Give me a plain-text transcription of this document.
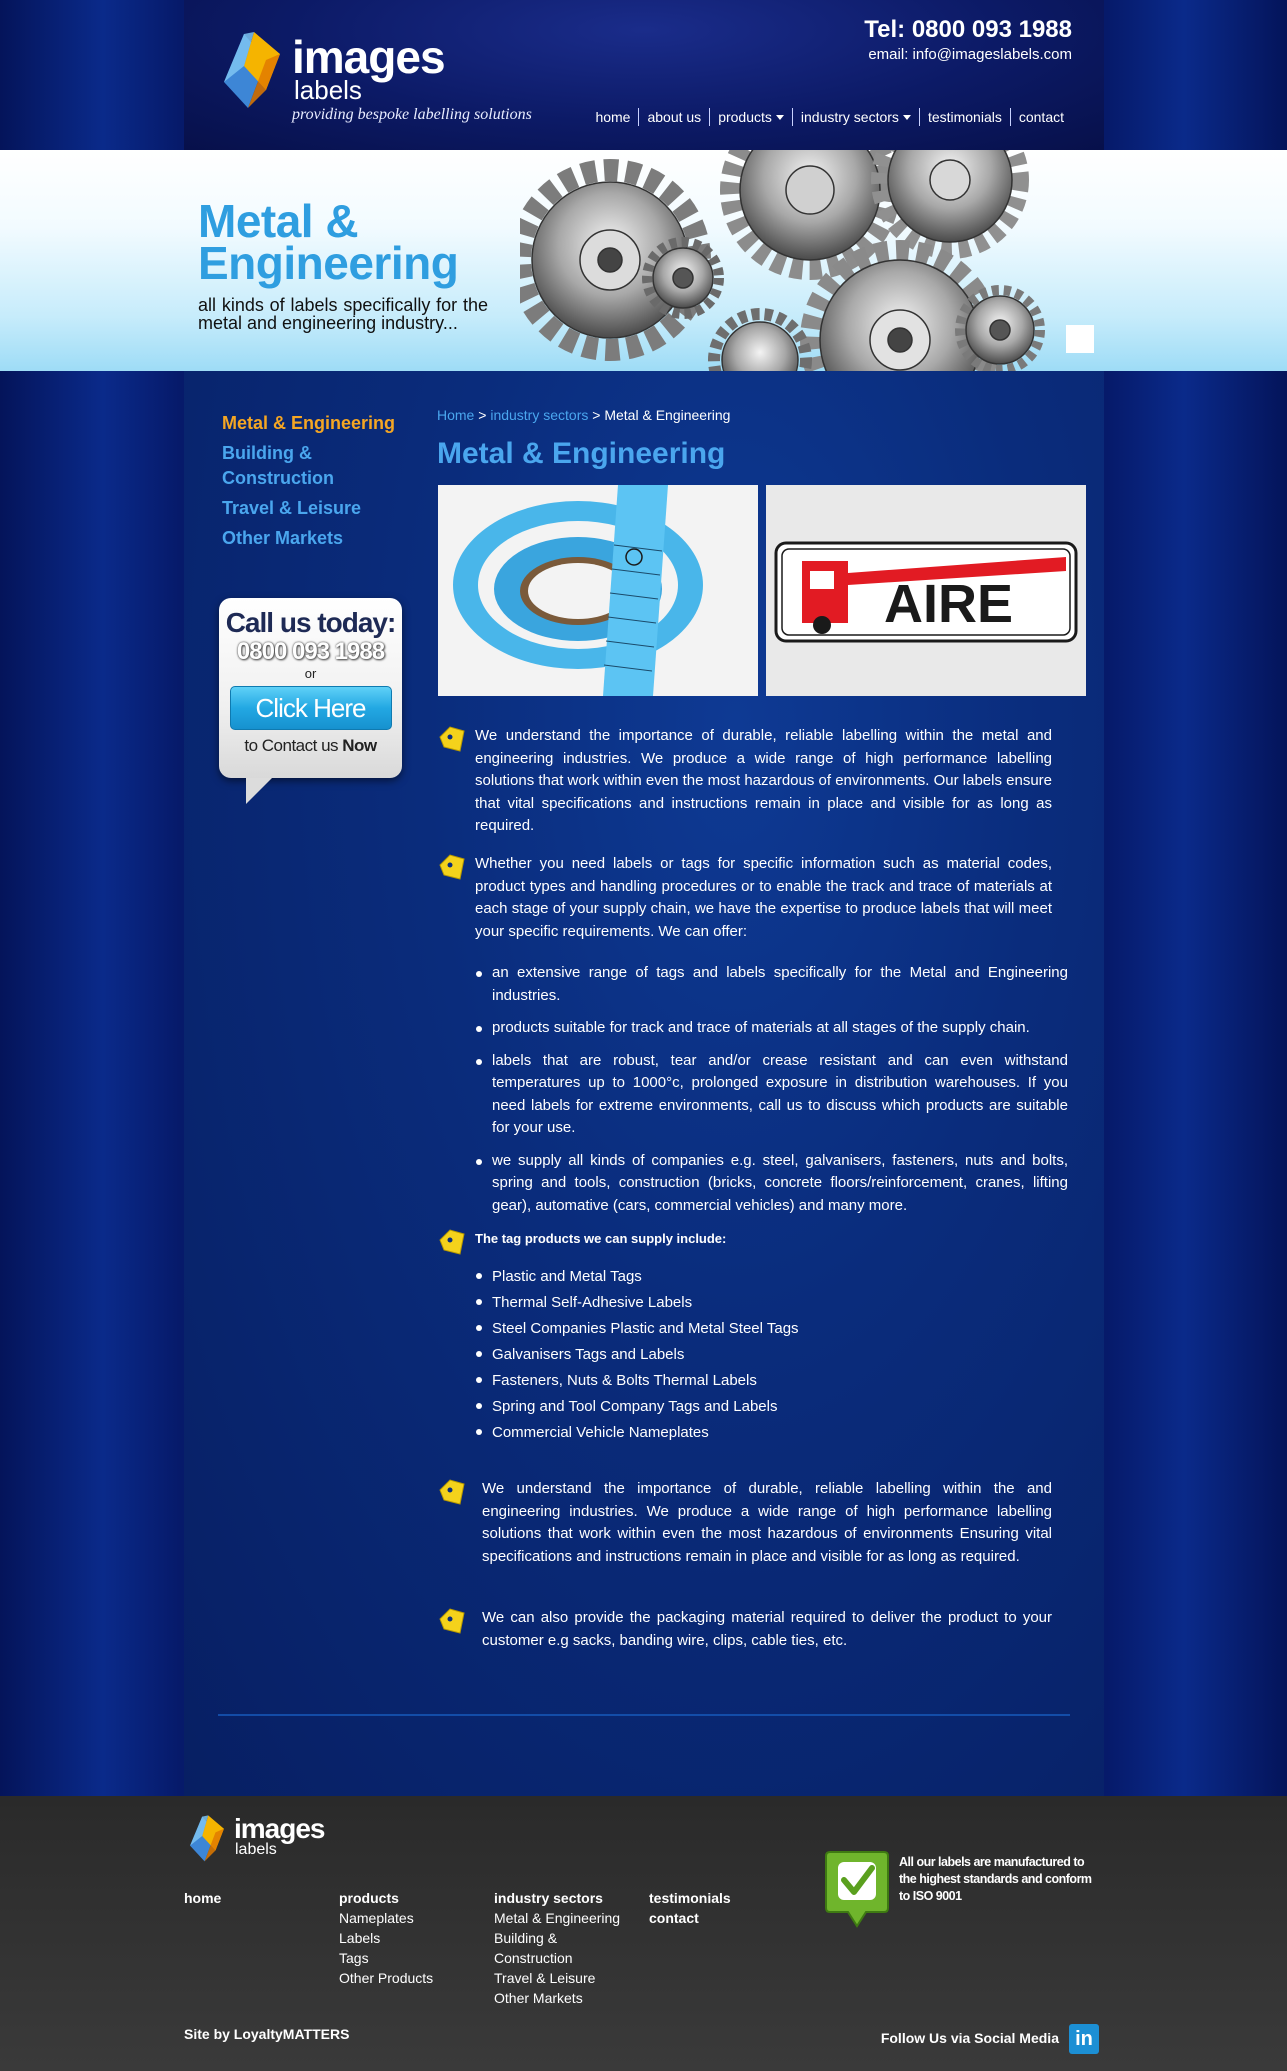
images
labels
providing bespoke labelling solutions
Tel: 0800 093 1988
email: info@imageslabels.com
home about us products industry sectors testimonials contact
Metal &
Engineering
all kinds of labels specifically for the metal and engineering industry...
Metal & Engineering
Building & Construction
Travel & Leisure
Other Markets
Call us today:
0800 093 1988
or
Click Here
to Contact us Now
Home > industry sectors > Metal & Engineering
Metal & Engineering
AIRE

We understand the importance of durable, reliable labelling within the metal and engineering industries. We produce a wide range of high performance labelling solutions that work within even the most hazardous of environments. Our labels ensure that vital specifications and instructions remain in place and visible for as long as required.

Whether you need labels or tags for specific information such as material codes, product types and handling procedures or to enable the track and trace of materials at each stage of your supply chain, we have the expertise to produce labels that will meet your specific requirements. We can offer:

an extensive range of tags and labels specifically for the Metal and Engineering industries.
products suitable for track and trace of materials at all stages of the supply chain.
labels that are robust, tear and/or crease resistant and can even withstand temperatures up to 1000°c, prolonged exposure in distribution warehouses. If you need labels for extreme environments, call us to discuss which products are suitable for your use.
we supply all kinds of companies e.g. steel, galvanisers, fasteners, nuts and bolts, spring and tools, construction (bricks, concrete floors/reinforcement, cranes, lifting gear), automative (cars, commercial vehicles) and many more.

The tag products we can supply include:

Plastic and Metal Tags
Thermal Self-Adhesive Labels
Steel Companies Plastic and Metal Steel Tags
Galvanisers Tags and Labels
Fasteners, Nuts & Bolts Thermal Labels
Spring and Tool Company Tags and Labels
Commercial Vehicle Nameplates

We understand the importance of durable, reliable labelling within the and engineering industries. We produce a wide range of high performance labelling solutions that work within even the most hazardous of environments Ensuring vital specifications and instructions remain in place and visible for as long as required.

We can also provide the packaging material required to deliver the product to your customer e.g sacks, banding wire, clips, cable ties, etc.

images
labels
home	products
Nameplates
Labels
Tags
Other Products
industry sectors
Metal & Engineering
Building &
Construction
Travel & Leisure
Other Markets
testimonials
contact
All our labels are manufactured to the highest standards and conform to ISO 9001
Site by LoyaltyMATTERS	Follow Us via Social Media in
